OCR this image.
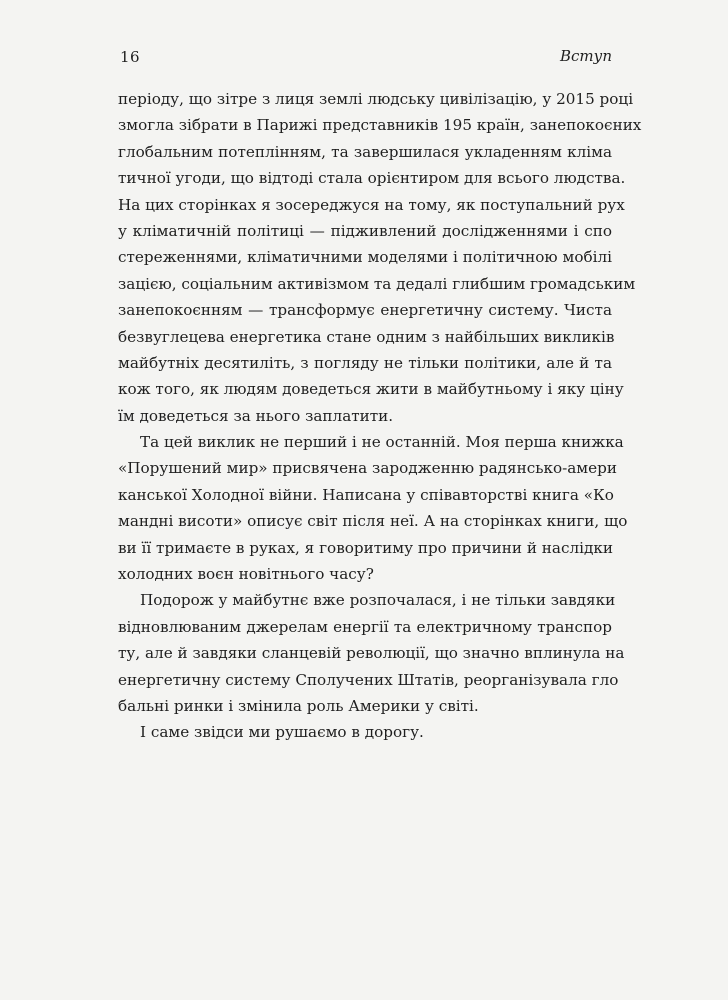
16	Вступ
періоду, що зітре з лиця землі людську цивілізацію, у 2015 році
змогла зібрати в Парижі представників 195 країн, занепокоєних
глобальним потеплінням, та завершилася укладенням кліма
тичної угоди, що відтоді стала орієнтиром для всього людства.
На цих сторінках я зосереджуся на тому, як поступальний рух
у кліматичній політиці — підживлений дослідженнями і спо
стереженнями, кліматичними моделями і політичною мобілі
зацією, соціальним активізмом та дедалі глибшим громадським
занепокоєнням — трансформує енергетичну систему. Чиста
безвуглецева енергетика стане одним з найбільших викликів
майбутніх десятиліть, з погляду не тільки політики, але й та
кож того, як людям доведеться жити в майбутньому і яку ціну
їм доведеться за нього заплатити.
Та цей виклик не перший і не останній. Моя перша книжка
«Порушений мир» присвячена зародженню радянсько-амери
канської Холодної війни. Написана у співавторстві книга «Ко
мандні висоти» описує світ після неї. А на сторінках книги, що
ви її тримаєте в руках, я говоритиму про причини й наслідки
холодних воєн новітнього часу?
Подорож у майбутнє вже розпочалася, і не тільки завдяки
відновлюваним джерелам енергії та електричному транспор
ту, але й завдяки сланцевій революції, що значно вплинула на
енергетичну систему Сполучених Штатів, реорганізувала гло
бальні ринки і змінила роль Америки у світі.
І саме звідси ми рушаємо в дорогу.
